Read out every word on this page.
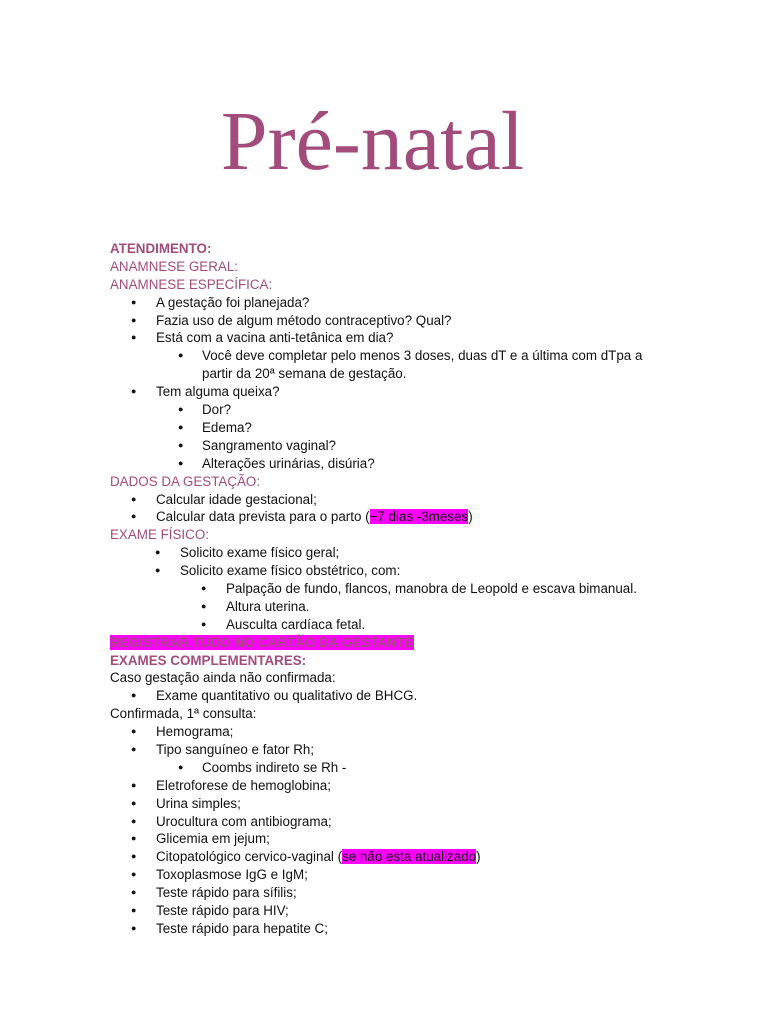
Pré-natal
ATENDIMENTO:
ANAMNESE GERAL:
ANAMNESE ESPECÍFICA:
● A gestação foi planejada?
● Fazia uso de algum método contraceptivo? Qual?
● Está com a vacina anti-tetânica em dia?
● Você deve completar pelo menos 3 doses, duas dT e a última com dTpa a partir da 20ª semana de gestação.
● Tem alguma queixa?
● Dor?
● Edema?
● Sangramento vaginal?
● Alterações urinárias, disúria?
DADOS DA GESTAÇÃO:
● Calcular idade gestacional;
● Calcular data prevista para o parto (+7 dias -3meses)
EXAME FÍSICO:
● Solicito exame físico geral;
● Solicito exame físico obstétrico, com:
● Palpação de fundo, flancos, manobra de Leopold e escava bimanual.
● Altura uterina.
● Ausculta cardíaca fetal.
REGISTRAR TUDO NO CARTÃO DA GESTANTE
EXAMES COMPLEMENTARES:
Caso gestação ainda não confirmada:
● Exame quantitativo ou qualitativo de BHCG.
Confirmada, 1ª consulta:
● Hemograma;
● Tipo sanguíneo e fator Rh;
● Coombs indireto se Rh -
● Eletroforese de hemoglobina;
● Urina simples;
● Urocultura com antibiograma;
● Glicemia em jejum;
● Citopatológico cervico-vaginal (se não esta atualizado)
● Toxoplasmose IgG e IgM;
● Teste rápido para sífilis;
● Teste rápido para HIV;
● Teste rápido para hepatite C;
